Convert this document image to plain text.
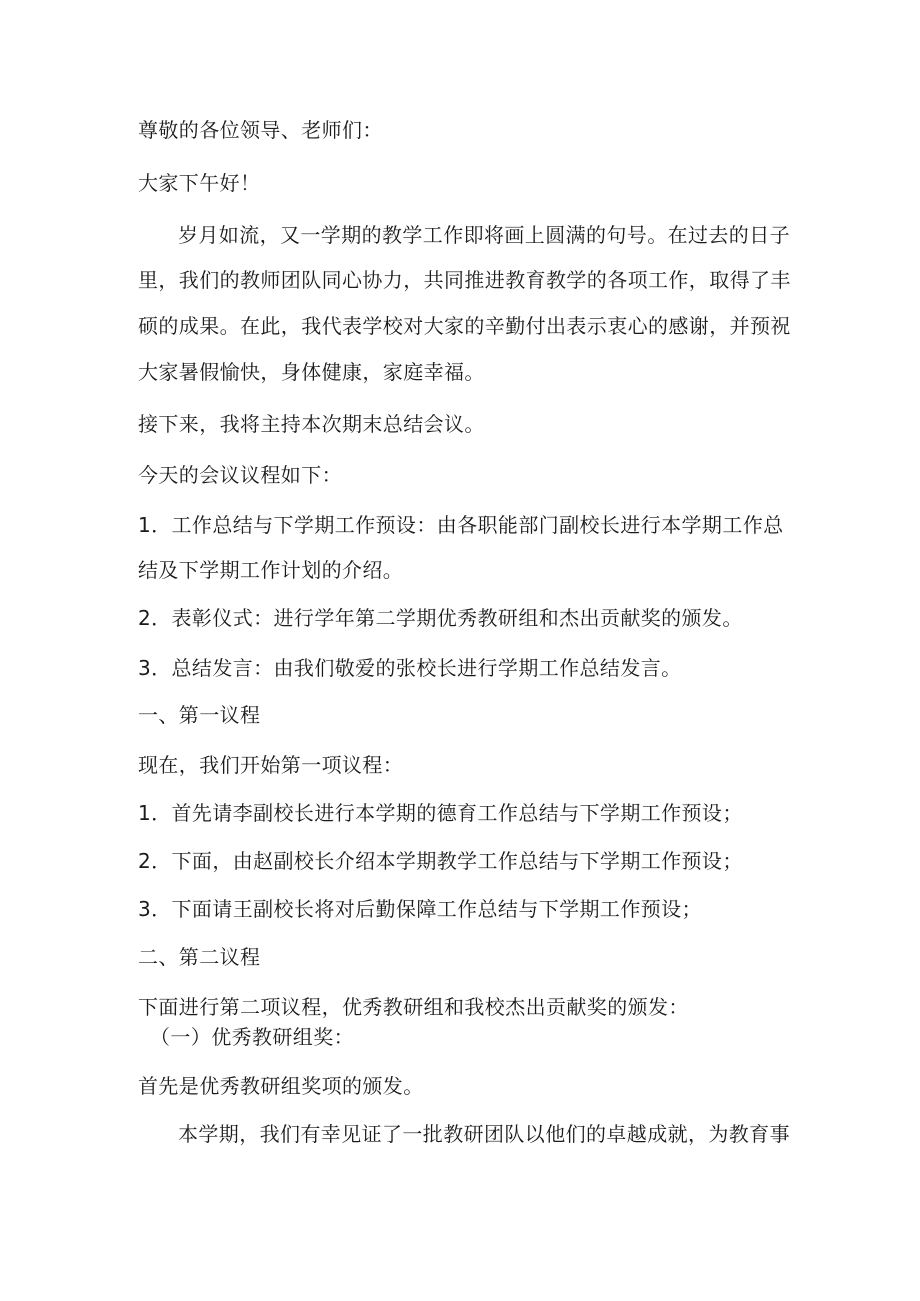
尊敬的各位领导、老师们：
大家下午好！
岁月如流，又一学期的教学工作即将画上圆满的句号。在过去的日子
里，我们的教师团队同心协力，共同推进教育教学的各项工作，取得了丰
硕的成果。在此，我代表学校对大家的辛勤付出表示衷心的感谢，并预祝
大家暑假愉快，身体健康，家庭幸福。
接下来，我将主持本次期末总结会议。
今天的会议议程如下：
1．工作总结与下学期工作预设：由各职能部门副校长进行本学期工作总
结及下学期工作计划的介绍。
2．表彰仪式：进行学年第二学期优秀教研组和杰出贡献奖的颁发。
3．总结发言：由我们敬爱的张校长进行学期工作总结发言。
一、第一议程
现在，我们开始第一项议程：
1．首先请李副校长进行本学期的德育工作总结与下学期工作预设；
2．下面，由赵副校长介绍本学期教学工作总结与下学期工作预设；
3．下面请王副校长将对后勤保障工作总结与下学期工作预设；
二、第二议程
下面进行第二项议程，优秀教研组和我校杰出贡献奖的颁发：
（一）优秀教研组奖：
首先是优秀教研组奖项的颁发。
本学期，我们有幸见证了一批教研团队以他们的卓越成就，为教育事
